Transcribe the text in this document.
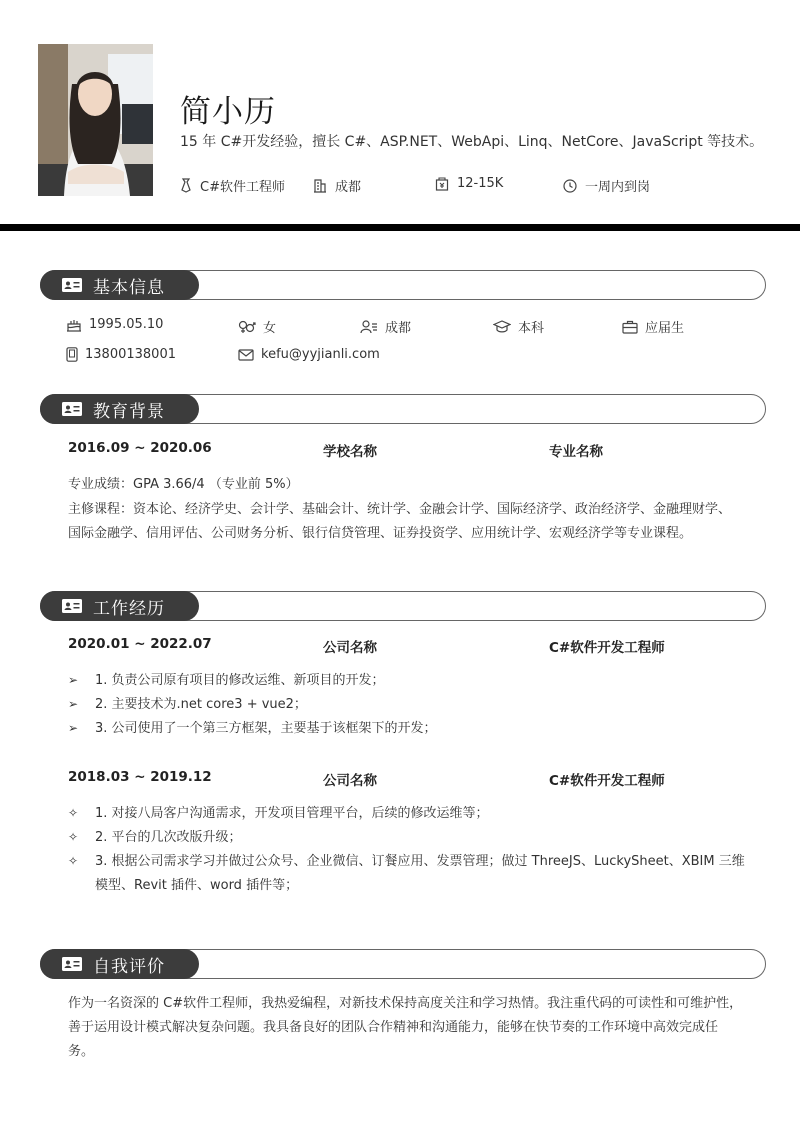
简小历
15 年 C#开发经验，擅长 C#、ASP.NET、WebApi、Linq、NetCore、JavaScript 等技术。
C#软件工程师	成都	12-15K	一周内到岗
基本信息
1995.05.10	女	成都	本科	应届生
13800138001	kefu@yyjianli.com
教育背景
2016.09 ~ 2020.06	学校名称	专业名称
专业成绩：GPA 3.66/4 （专业前 5%）
主修课程：资本论、经济学史、会计学、基础会计、统计学、金融会计学、国际经济学、政治经济学、金融理财学、国际金融学、信用评估、公司财务分析、银行信贷管理、证券投资学、应用统计学、宏观经济学等专业课程。
工作经历
2020.01 ~ 2022.07	公司名称	C#软件开发工程师
➢ 1. 负责公司原有项目的修改运维、新项目的开发；
➢ 2. 主要技术为.net core3 + vue2；
➢ 3. 公司使用了一个第三方框架，主要基于该框架下的开发；
2018.03 ~ 2019.12	公司名称	C#软件开发工程师
✧ 1. 对接八局客户沟通需求，开发项目管理平台，后续的修改运维等；
✧ 2. 平台的几次改版升级；
✧ 3. 根据公司需求学习并做过公众号、企业微信、订餐应用、发票管理；做过 ThreeJS、LuckySheet、XBIM 三维模型、Revit 插件、word 插件等；
自我评价
作为一名资深的 C#软件工程师，我热爱编程，对新技术保持高度关注和学习热情。我注重代码的可读性和可维护性，善于运用设计模式解决复杂问题。我具备良好的团队合作精神和沟通能力，能够在快节奏的工作环境中高效完成任务。
